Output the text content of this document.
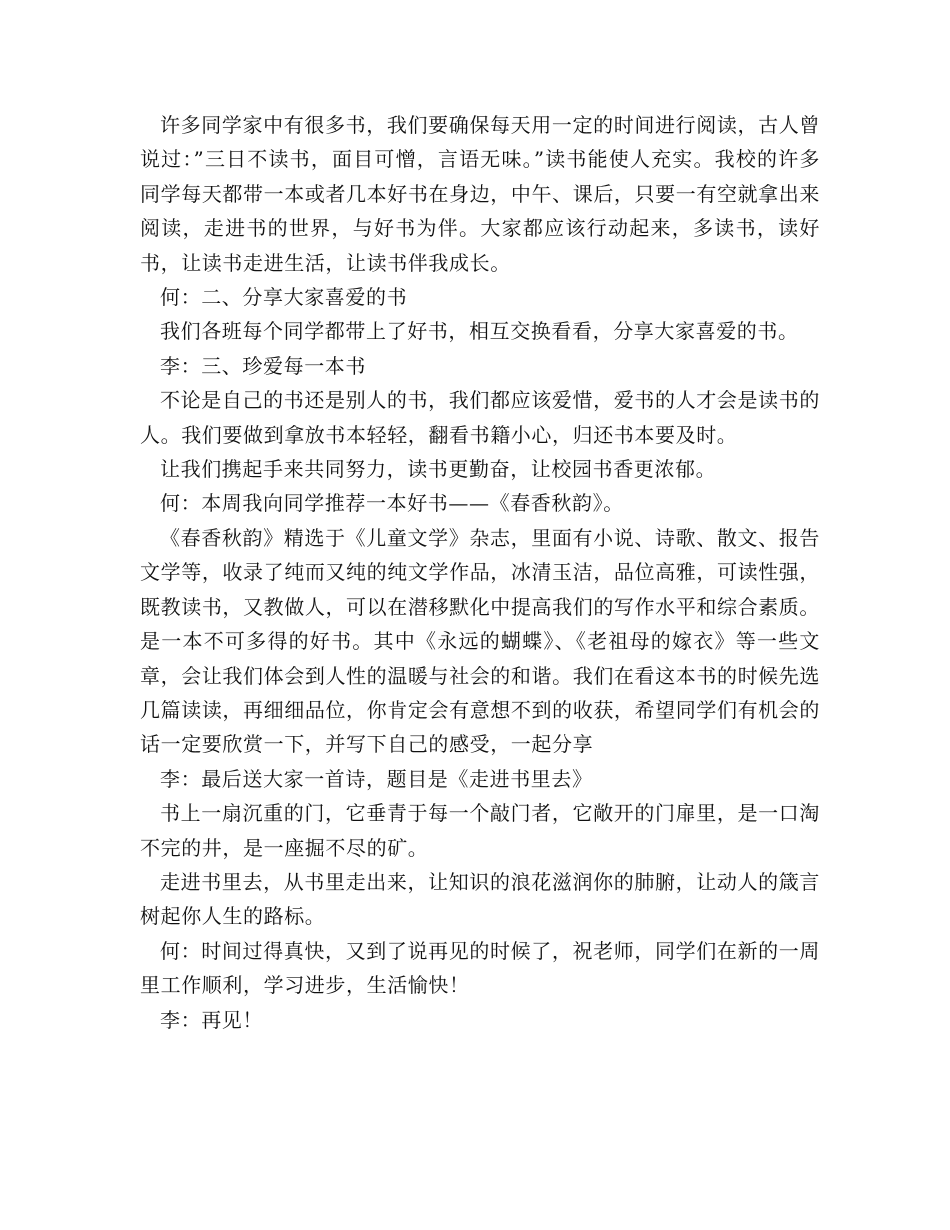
许多同学家中有很多书，我们要确保每天用一定的时间进行阅读，古人曾说过：”三日不读书，面目可憎，言语无味。”读书能使人充实。我校的许多同学每天都带一本或者几本好书在身边，中午、课后，只要一有空就拿出来阅读，走进书的世界，与好书为伴。大家都应该行动起来，多读书，读好书，让读书走进生活，让读书伴我成长。

何：二、分享大家喜爱的书

我们各班每个同学都带上了好书，相互交换看看，分享大家喜爱的书。

李：三、珍爱每一本书

不论是自己的书还是别人的书，我们都应该爱惜，爱书的人才会是读书的人。我们要做到拿放书本轻轻，翻看书籍小心，归还书本要及时。

让我们携起手来共同努力，读书更勤奋，让校园书香更浓郁。

何：本周我向同学推荐一本好书——《春香秋韵》。

《春香秋韵》精选于《儿童文学》杂志，里面有小说、诗歌、散文、报告文学等，收录了纯而又纯的纯文学作品，冰清玉洁，品位高雅，可读性强，既教读书，又教做人，可以在潜移默化中提高我们的写作水平和综合素质。是一本不可多得的好书。其中《永远的蝴蝶》、《老祖母的嫁衣》等一些文章，会让我们体会到人性的温暖与社会的和谐。我们在看这本书的时候先选几篇读读，再细细品位，你肯定会有意想不到的收获，希望同学们有机会的话一定要欣赏一下，并写下自己的感受，一起分享

李：最后送大家一首诗，题目是《走进书里去》

书上一扇沉重的门，它垂青于每一个敲门者，它敞开的门扉里，是一口淘不完的井，是一座掘不尽的矿。

走进书里去，从书里走出来，让知识的浪花滋润你的肺腑，让动人的箴言树起你人生的路标。

何：时间过得真快，又到了说再见的时候了，祝老师，同学们在新的一周里工作顺利，学习进步，生活愉快！

李：再见！
